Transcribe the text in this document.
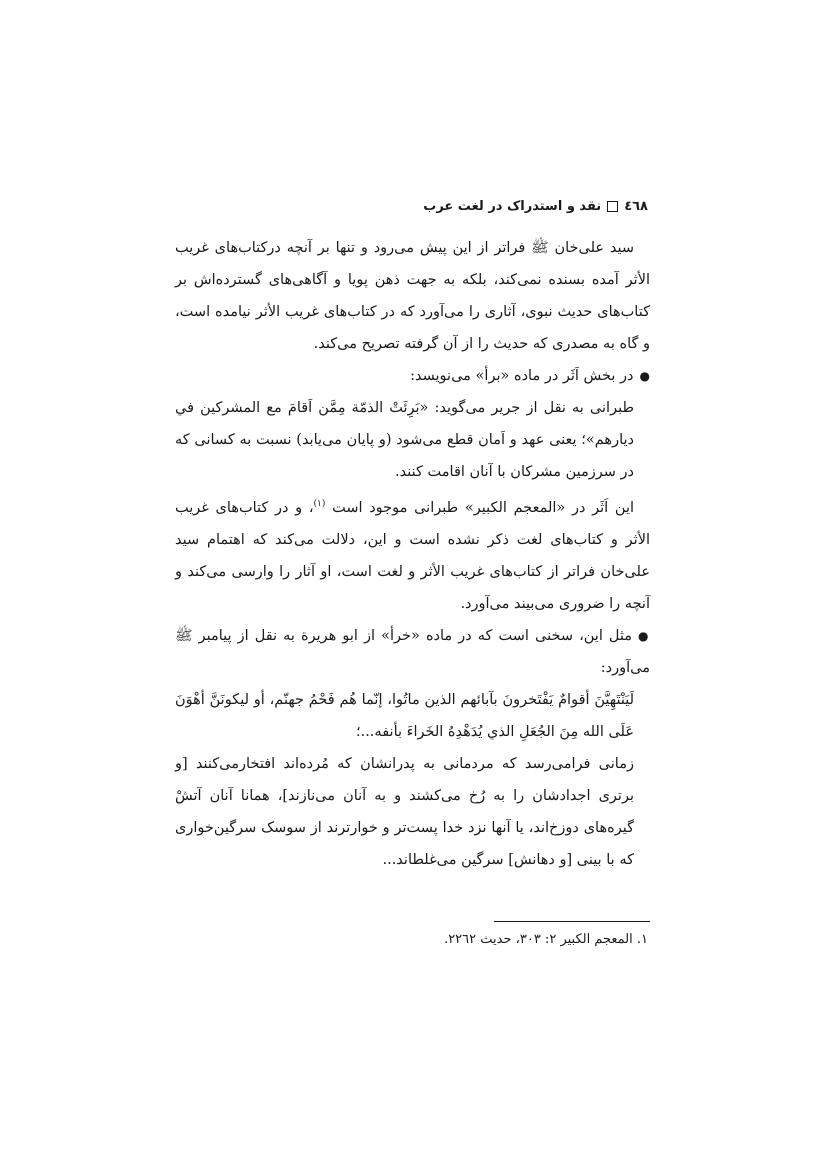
٤٦٨
نقد و استدراک در لغت عرب

سید علی‌خان ﷺ فراتر از این پیش می‌رود و تنها بر آنچه درکتاب‌های غریب الأثر آمده بسنده نمی‌کند، بلکه به جهت ذهن پویا و آگاهی‌های گسترده‌اش بر کتاب‌های حدیث نبوی، آثاری را می‌آورد که در کتاب‌های غریب الأثر نیامده است، و گاه به مصدری که حدیث را از آن گرفته تصریح می‌کند.

● در بخش اَثَر در ماده «برأ» می‌نویسد:

طبرانی به نقل از جریر می‌گوید: «بَرِئَتْ الذمّة مِمَّن اَقامَ مع المشركين في ديارهم»؛ یعنی عهد و اَمان قطع می‌شود (و پایان می‌یابد) نسبت به کسانی که در سرزمین مشرکان با آنان اقامت کنند.

این اَثَر در «المعجم الکبیر» طبرانی موجود است $^{(١)}$، و در کتاب‌های غریب الأثر و کتاب‌های لغت ذکر نشده است و این، دلالت می‌کند که اهتمام سید علی‌خان فراتر از کتاب‌های غریب الأثر و لغت است، او آثار را وارسی می‌کند و آنچه را ضروری می‌بیند می‌آورد.

● مثل این، سخنی است که در ماده «خرأ» از ابو هریرة به نقل از پیامبر ﷺ می‌آورد:

لَيَنْتَهِيَّنَ أقوامٌ يَفْتَخرونَ بآبائهم الذين ماتُوا، إنّما هُم فَحْمُ جهنّم، أو ليكونَنَّ أهْوَنَ عَلَى الله مِنَ الجُعَلِ الذي يُدَهْدِهُ الخَراءَ بأنفه...؛

زمانی فرامی‌رسد که مردمانی به پدرانشان که مُرده‌اند افتخارمی‌کنند [و برتری اجدادشان را به رُخ می‌کشند و به آنان می‌نازند]، همانا آنان آتشْ گیره‌های دوزخ‌اند، یا آنها نزد خدا پست‌تر و خوارترند از سوسک سرگین‌خواری که با بینی [و دهانش] سرگین می‌غلطاند...

١. المعجم الکبیر ٢: ٣٠٣، حدیث ٢٢٦٢.
